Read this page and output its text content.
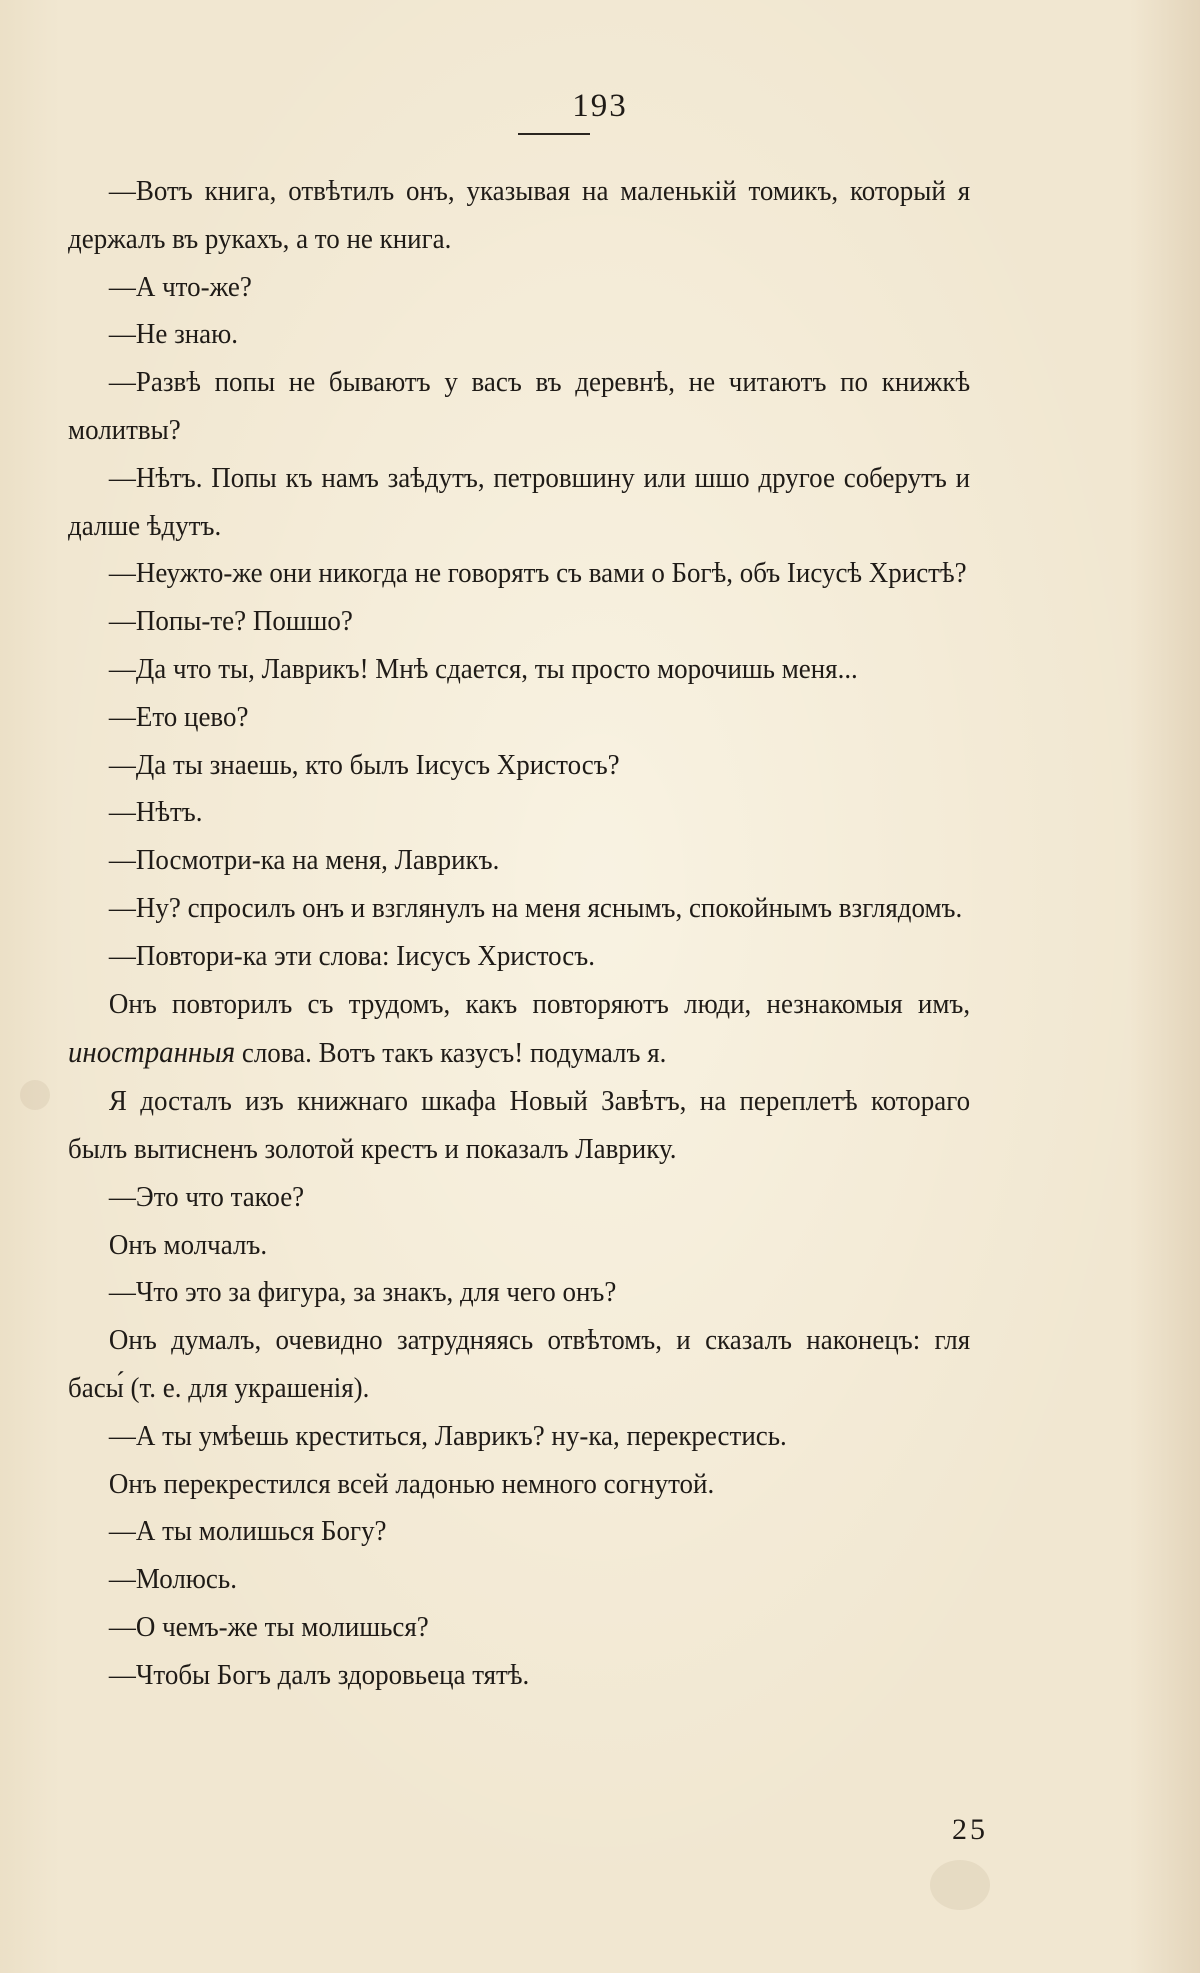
193

—Вотъ книга, отвѣтилъ онъ, указывая на маленькій томикъ, который я держалъ въ рукахъ, а то не книга.

—А что-же?

—Не знаю.

—Развѣ попы не бываютъ у васъ въ деревнѣ, не читаютъ по книжкѣ молитвы?

—Нѣтъ. Попы къ намъ заѣдутъ, петровшину или шшо другое соберутъ и далше ѣдутъ.

—Неужто-же они никогда не говорятъ съ вами о Богѣ, объ Іисусѣ Христѣ?

—Попы-те? Пошшо?

—Да что ты, Лаврикъ! Мнѣ сдается, ты просто морочишь меня...

—Ето цево?

—Да ты знаешь, кто былъ Іисусъ Христосъ?

—Нѣтъ.

—Посмотри-ка на меня, Лаврикъ.

—Ну? спросилъ онъ и взглянулъ на меня яснымъ, спокойнымъ взглядомъ.

—Повтори-ка эти слова: Іисусъ Христосъ.

Онъ повторилъ съ трудомъ, какъ повторяютъ люди, незнакомыя имъ, иностранныя слова. Вотъ такъ казусъ! подумалъ я.

Я досталъ изъ книжнаго шкафа Новый Завѣтъ, на переплетѣ котораго былъ вытисненъ золотой крестъ и показалъ Лаврику.

—Это что такое?

Онъ молчалъ.

—Что это за фигура, за знакъ, для чего онъ?

Онъ думалъ, очевидно затрудняясь отвѣтомъ, и сказалъ наконецъ: гля басы́ (т. е. для украшенія).

—А ты умѣешь креститься, Лаврикъ? ну-ка, перекрестись.

Онъ перекрестился всей ладонью немного согнутой.

—А ты молишься Богу?

—Молюсь.

—О чемъ-же ты молишься?

—Чтобы Богъ далъ здоровьеца тятѣ.

25
